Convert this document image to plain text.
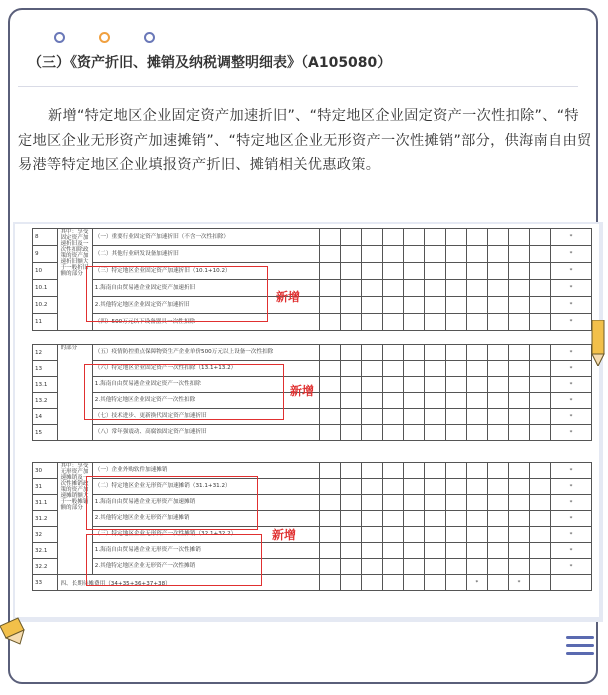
（三）《资产折旧、摊销及纳税调整明细表》（A105080）
新增“特定地区企业固定资产加速折旧”、“特定地区企业固定资产一次性扣除”、“特定地区企业无形资产加速摊销”、“特定地区企业无形资产一次性摊销”部分，供海南自由贸易港等特定地区企业填报资产折旧、摊销相关优惠政策。
8	其中：享受固定资产加速折旧及一次性扣除政策的资产加速折旧额大于一般折旧额的部分	（一）重要行业固定资产加速折旧（不含一次性扣除）												*
9		（二）其他行业研发设备加速折旧												*
10		（三）特定地区企业固定资产加速折旧（10.1+10.2）												*
10.1		1.海南自由贸易港企业固定资产加速折旧												*
10.2		2.其他特定地区企业固定资产加速折旧												*
11		（四）500万元以下设备器具一次性扣除												*
12	的部分	（五）疫情防控重点保障物资生产企业单价500万元以上设备一次性扣除												*
13		（六）特定地区企业固定资产一次性扣除（13.1+13.2）												*
13.1		1.海南自由贸易港企业固定资产一次性扣除												*
13.2		2.其他特定地区企业固定资产一次性扣除												*
14		（七）技术进步、更新换代固定资产加速折旧												*
15		（八）常年强震动、高腐蚀固定资产加速折旧												*
30	其中：享受无形资产加速摊销及一次性摊销政策的资产加速摊销额大于一般摊销额的部分	（一）企业外购软件加速摊销												*
31		（二）特定地区企业无形资产加速摊销（31.1+31.2）												*
31.1		1.海南自由贸易港企业无形资产加速摊销												*
31.2		2.其他特定地区企业无形资产加速摊销												*
32		（三）特定地区企业无形资产一次性摊销（32.1+32.2）												*
32.1		1.海南自由贸易港企业无形资产一次性摊销												*
32.2		2.其他特定地区企业无形资产一次性摊销												*
33	四、长期待摊费用（34+35+36+37+38）									*		*		
新增
新增
新增
